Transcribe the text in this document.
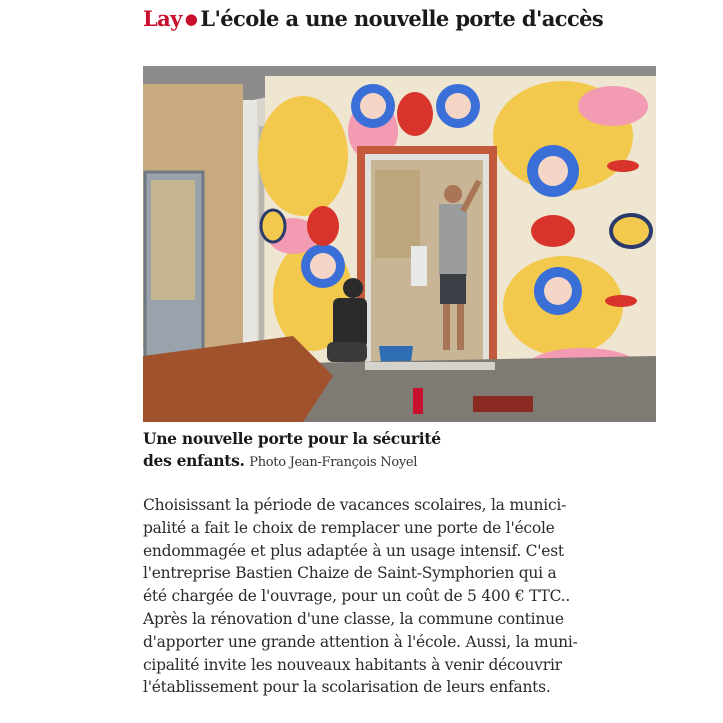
Lay ● L'école a une nouvelle porte d'accès
Une nouvelle porte pour la sécurité
des enfants. Photo Jean-François Noyel
Choisissant la période de vacances scolaires, la munici-
palité a fait le choix de remplacer une porte de l'école
endommagée et plus adaptée à un usage intensif. C'est
l'entreprise Bastien Chaize de Saint-Symphorien qui a
été chargée de l'ouvrage, pour un coût de 5 400 € TTC..
Après la rénovation d'une classe, la commune continue
d'apporter une grande attention à l'école. Aussi, la muni-
cipalité invite les nouveaux habitants à venir découvrir
l'établissement pour la scolarisation de leurs enfants.
